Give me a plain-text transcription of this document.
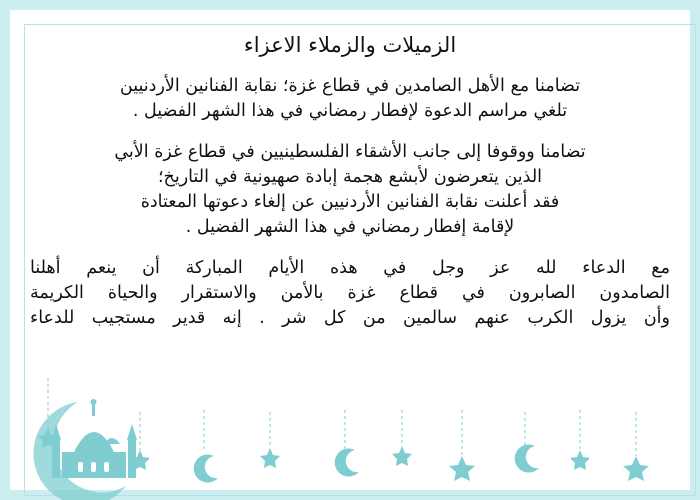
الزميلات والزملاء الاعزاء
تضامنا مع الأهل الصامدين في قطاع غزة؛ نقابة الفنانين الأردنيين
تلغي مراسم الدعوة لإفطار رمضاني في هذا الشهر الفضيل .
تضامنا ووقوفا إلى جانب الأشقاء الفلسطينيين في قطاع غزة الأبي
الذين يتعرضون لأبشع هجمة إبادة صهيونية في التاريخ؛
فقد أعلنت نقابة الفنانين الأردنيين عن إلغاء دعوتها المعتادة
لإقامة إفطار رمضاني في هذا الشهر الفضيل .
مع الدعاء لله عز وجل في هذه الأيام المباركة أن ينعم أهلنا
الصامدون الصابرون في قطاع غزة بالأمن والاستقرار والحياة الكريمة
وأن يزول الكرب عنهم سالمين من كل شر . إنه قدير مستجيب للدعاء
